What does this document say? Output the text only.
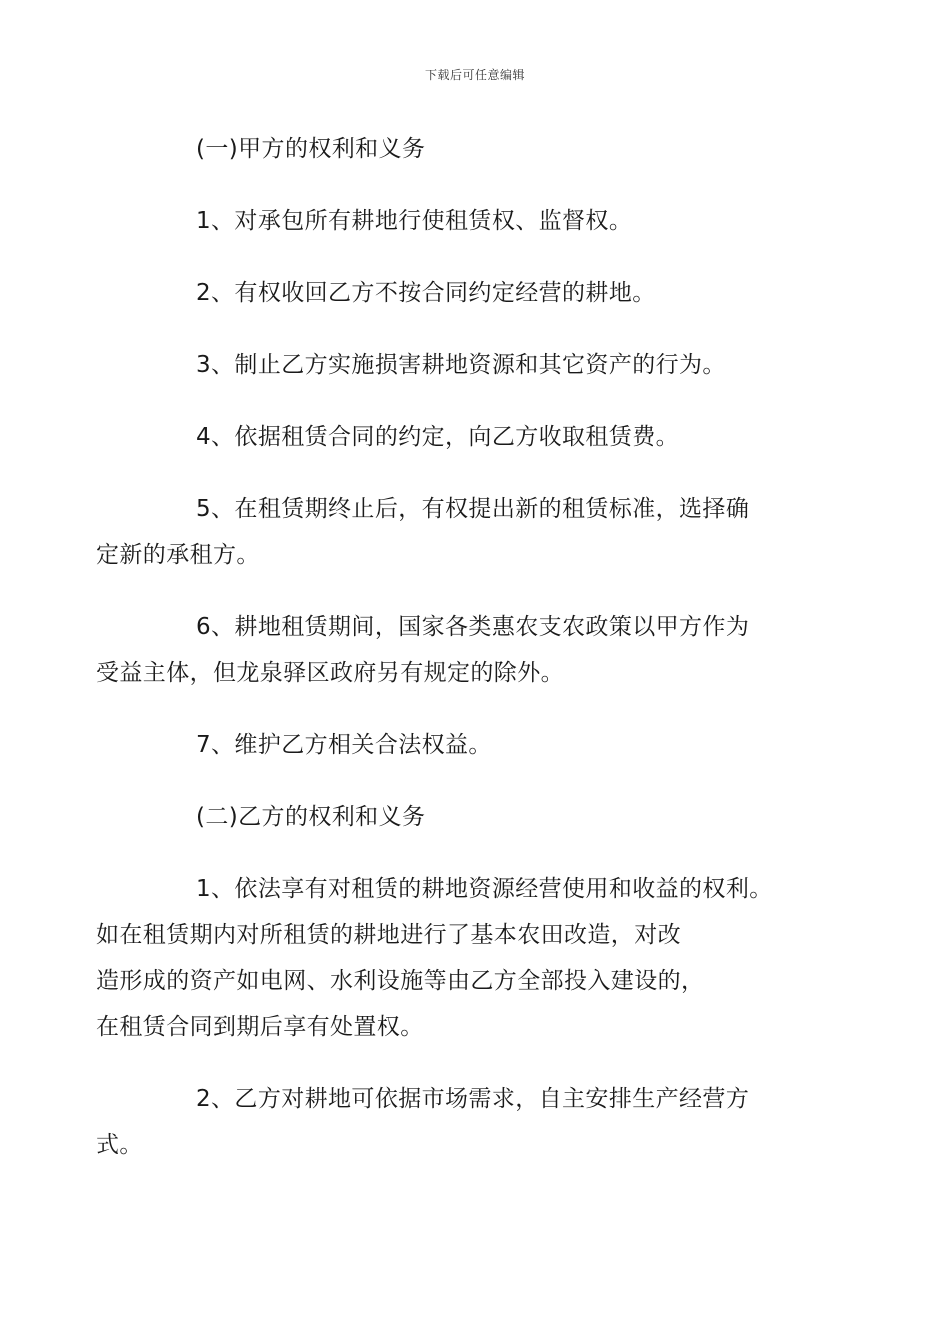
下载后可任意编辑

(一)甲方的权利和义务

1、对承包所有耕地行使租赁权、监督权。

2、有权收回乙方不按合同约定经营的耕地。

3、制止乙方实施损害耕地资源和其它资产的行为。

4、依据租赁合同的约定，向乙方收取租赁费。

5、在租赁期终止后，有权提出新的租赁标准，选择确
定新的承租方。

6、耕地租赁期间，国家各类惠农支农政策以甲方作为
受益主体，但龙泉驿区政府另有规定的除外。

7、维护乙方相关合法权益。

(二)乙方的权利和义务

1、依法享有对租赁的耕地资源经营使用和收益的权利。
如在租赁期内对所租赁的耕地进行了基本农田改造，对改
造形成的资产如电网、水利设施等由乙方全部投入建设的，
在租赁合同到期后享有处置权。

2、乙方对耕地可依据市场需求，自主安排生产经营方
式。
